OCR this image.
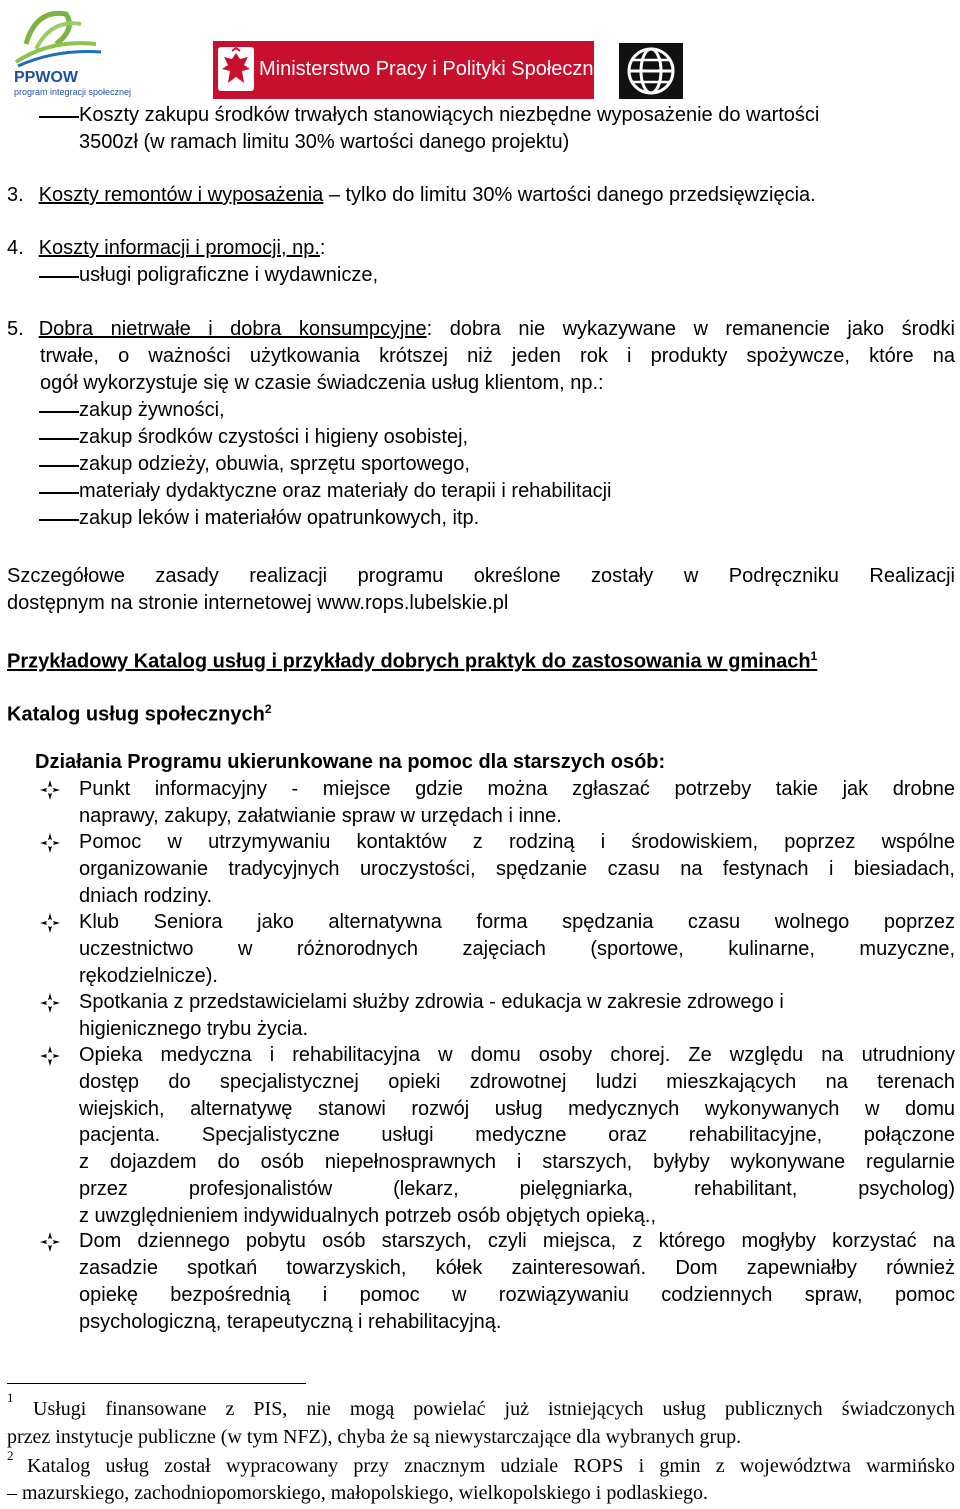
PPWOW
program integracji społecznej
Ministerstwo Pracy i Polityki Społecznej
Koszty zakupu środków trwałych stanowiących niezbędne wyposażenie do wartości
3500zł (w ramach limitu 30% wartości danego projektu)
3. Koszty remontów i wyposażenia – tylko do limitu 30% wartości danego przedsięwzięcia.
4. Koszty informacji i promocji, np.:
usługi poligraficzne i wydawnicze,
5. Dobra nietrwałe i dobra konsumpcyjne: dobra nie wykazywane w remanencie jako środki
trwałe, o ważności użytkowania krótszej niż jeden rok i produkty spożywcze, które na
ogół wykorzystuje się w czasie świadczenia usług klientom, np.:
zakup żywności,
zakup środków czystości i higieny osobistej,
zakup odzieży, obuwia, sprzętu sportowego,
materiały dydaktyczne oraz materiały do terapii i rehabilitacji
zakup leków i materiałów opatrunkowych, itp.
Szczegółowe zasady realizacji programu określone zostały w Podręczniku Realizacji
dostępnym na stronie internetowej www.rops.lubelskie.pl
Przykładowy Katalog usług i przykłady dobrych praktyk do zastosowania w gminach$^1$
Katalog usług społecznych$^2$
Działania Programu ukierunkowane na pomoc dla starszych osób:
Punkt informacyjny - miejsce gdzie można zgłaszać potrzeby takie jak drobne
naprawy, zakupy, załatwianie spraw w urzędach i inne.
Pomoc w utrzymywaniu kontaktów z rodziną i środowiskiem, poprzez wspólne
organizowanie tradycyjnych uroczystości, spędzanie czasu na festynach i biesiadach,
dniach rodziny.
Klub Seniora jako alternatywna forma spędzania czasu wolnego poprzez
uczestnictwo w różnorodnych zajęciach (sportowe, kulinarne, muzyczne,
rękodzielnicze).
Spotkania z przedstawicielami służby zdrowia - edukacja w zakresie zdrowego i
higienicznego trybu życia.
Opieka medyczna i rehabilitacyjna w domu osoby chorej. Ze względu na utrudniony
dostęp do specjalistycznej opieki zdrowotnej ludzi mieszkających na terenach
wiejskich, alternatywę stanowi rozwój usług medycznych wykonywanych w domu
pacjenta. Specjalistyczne usługi medyczne oraz rehabilitacyjne, połączone
z dojazdem do osób niepełnosprawnych i starszych, byłyby wykonywane regularnie
przez profesjonalistów (lekarz, pielęgniarka, rehabilitant, psycholog)
z uwzględnieniem indywidualnych potrzeb osób objętych opieką.,
Dom dziennego pobytu osób starszych, czyli miejsca, z którego mogłyby korzystać na
zasadzie spotkań towarzyskich, kółek zainteresowań. Dom zapewniałby również
opiekę bezpośrednią i pomoc w rozwiązywaniu codziennych spraw, pomoc
psychologiczną, terapeutyczną i rehabilitacyjną.
1
Usługi finansowane z PIS, nie mogą powielać już istniejących usług publicznych świadczonych
przez instytucje publiczne (w tym NFZ), chyba że są niewystarczające dla wybranych grup.
2 Katalog usług został wypracowany przy znacznym udziale ROPS i gmin z województwa warmińsko
– mazurskiego, zachodniopomorskiego, małopolskiego, wielkopolskiego i podlaskiego.
